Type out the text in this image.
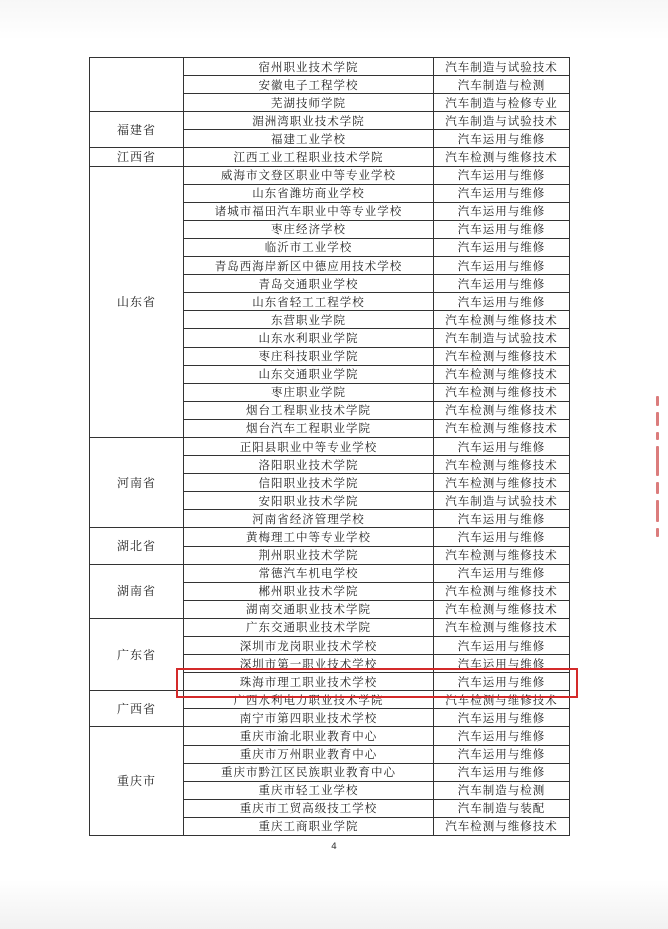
	宿州职业技术学院	汽车制造与试验技术
	安徽电子工程学校	汽车制造与检测
	芜湖技师学院	汽车制造与检修专业
福建省	湄洲湾职业技术学院	汽车制造与试验技术
	福建工业学校	汽车运用与维修
江西省	江西工业工程职业技术学院	汽车检测与维修技术
山东省	威海市文登区职业中等专业学校	汽车运用与维修
	山东省潍坊商业学校	汽车运用与维修
	诸城市福田汽车职业中等专业学校	汽车运用与维修
	枣庄经济学校	汽车运用与维修
	临沂市工业学校	汽车运用与维修
	青岛西海岸新区中德应用技术学校	汽车运用与维修
	青岛交通职业学校	汽车运用与维修
	山东省轻工工程学校	汽车运用与维修
	东营职业学院	汽车检测与维修技术
	山东水利职业学院	汽车制造与试验技术
	枣庄科技职业学院	汽车检测与维修技术
	山东交通职业学院	汽车检测与维修技术
	枣庄职业学院	汽车检测与维修技术
	烟台工程职业技术学院	汽车检测与维修技术
	烟台汽车工程职业学院	汽车检测与维修技术
河南省	正阳县职业中等专业学校	汽车运用与维修
	洛阳职业技术学院	汽车检测与维修技术
	信阳职业技术学院	汽车检测与维修技术
	安阳职业技术学院	汽车制造与试验技术
	河南省经济管理学校	汽车运用与维修
湖北省	黄梅理工中等专业学校	汽车运用与维修
	荆州职业技术学院	汽车检测与维修技术
湖南省	常德汽车机电学校	汽车运用与维修
	郴州职业技术学院	汽车检测与维修技术
	湖南交通职业技术学院	汽车检测与维修技术
广东省	广东交通职业技术学院	汽车检测与维修技术
	深圳市龙岗职业技术学校	汽车运用与维修
	深圳市第一职业技术学校	汽车运用与维修
	珠海市理工职业技术学校	汽车运用与维修
广西省	广西水利电力职业技术学院	汽车检测与维修技术
	南宁市第四职业技术学校	汽车运用与维修
重庆市	重庆市渝北职业教育中心	汽车运用与维修
	重庆市万州职业教育中心	汽车运用与维修
	重庆市黔江区民族职业教育中心	汽车运用与维修
	重庆市轻工业学校	汽车制造与检测
	重庆市工贸高级技工学校	汽车制造与装配
	重庆工商职业学院	汽车检测与维修技术
4
